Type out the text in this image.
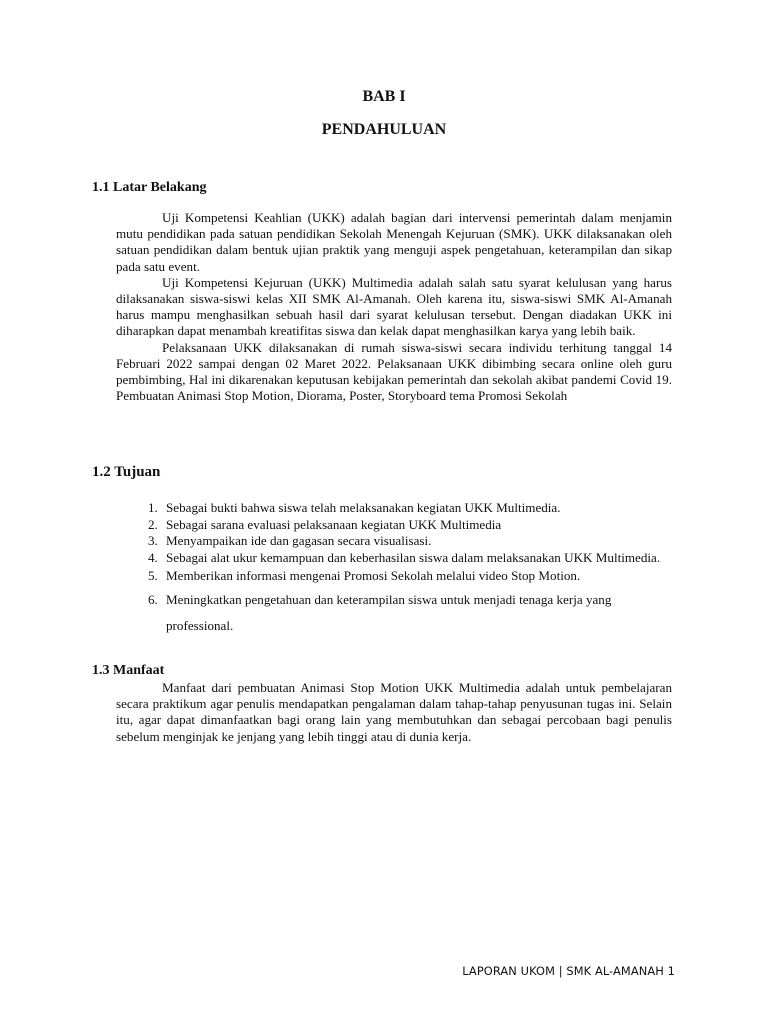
BAB I
PENDAHULUAN
1.1 Latar Belakang

Uji Kompetensi Keahlian (UKK) adalah bagian dari intervensi pemerintah dalam menjamin mutu pendidikan pada satuan pendidikan Sekolah Menengah Kejuruan (SMK). UKK dilaksanakan oleh satuan pendidikan dalam bentuk ujian praktik yang menguji aspek pengetahuan, keterampilan dan sikap pada satu event.

Uji Kompetensi Kejuruan (UKK) Multimedia adalah salah satu syarat kelulusan yang harus dilaksanakan siswa-siswi kelas XII SMK Al-Amanah. Oleh karena itu, siswa-siswi SMK Al-Amanah harus mampu menghasilkan sebuah hasil dari syarat kelulusan tersebut. Dengan diadakan UKK ini diharapkan dapat menambah kreatifitas siswa dan kelak dapat menghasilkan karya yang lebih baik.

Pelaksanaan UKK dilaksanakan di rumah siswa-siswi secara individu terhitung tanggal 14 Februari 2022 sampai dengan 02 Maret 2022. Pelaksanaan UKK dibimbing secara online oleh guru pembimbing, Hal ini dikarenakan keputusan kebijakan pemerintah dan sekolah akibat pandemi Covid 19. Pembuatan Animasi Stop Motion, Diorama, Poster, Storyboard tema Promosi Sekolah

1.2 Tujuan
1. Sebagai bukti bahwa siswa telah melaksanakan kegiatan UKK Multimedia.
2. Sebagai sarana evaluasi pelaksanaan kegiatan UKK Multimedia
3. Menyampaikan ide dan gagasan secara visualisasi.
4. Sebagai alat ukur kemampuan dan keberhasilan siswa dalam melaksanakan UKK Multimedia.
5. Memberikan informasi mengenai Promosi Sekolah melalui video Stop Motion.
6. Meningkatkan pengetahuan dan keterampilan siswa untuk menjadi tenaga kerja yang professional.
1.3 Manfaat

Manfaat dari pembuatan Animasi Stop Motion UKK Multimedia adalah untuk pembelajaran secara praktikum agar penulis mendapatkan pengalaman dalam tahap-tahap penyusunan tugas ini. Selain itu, agar dapat dimanfaatkan bagi orang lain yang membutuhkan dan sebagai percobaan bagi penulis sebelum menginjak ke jenjang yang lebih tinggi atau di dunia kerja.

LAPORAN UKOM | SMK AL-AMANAH 1
